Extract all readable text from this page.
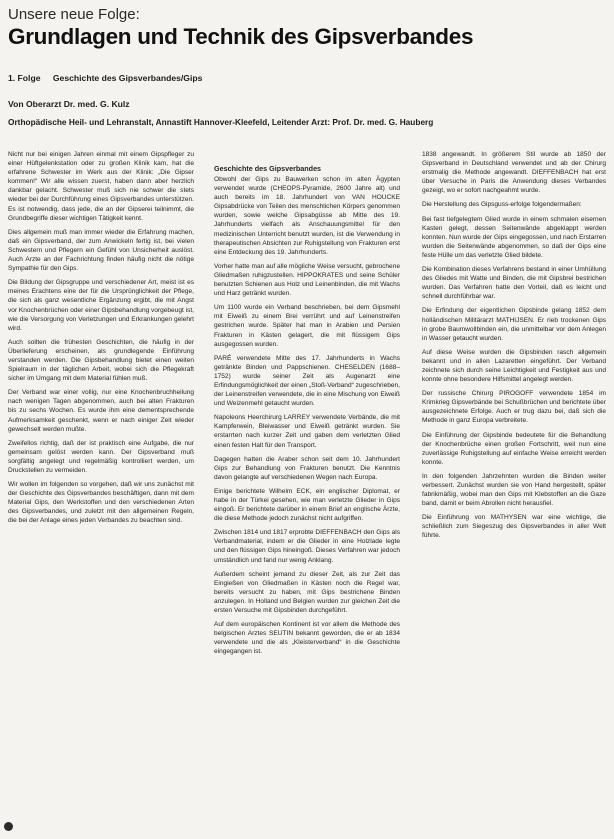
Unsere neue Folge:
Grundlagen und Technik des Gipsverbandes
1. Folge Geschichte des Gipsverbandes/Gips
Von Oberarzt Dr. med. G. Kulz
Orthopädische Heil- und Lehranstalt, Annastift Hannover-Kleefeld, Leitender Arzt: Prof. Dr. med. G. Hauberg

Nicht nur bei einigen Jahren einmal mit einem Gipspfleger zu einer Hüftgelenkstation oder zu großen Klinik kam, hat die erfahrene Schwester im Werk aus der Klinik: „Die Gipser kommen!“ Wir alle wissen zuerst, haben dann aber herzlich dankbar gelacht. Schwester muß sich nie schwer die stets wieder bei der Durchführung eines Gipsverbandes unterstützen. Es ist notwendig, dass jede, die an der Gipserei teilnimmt, die Grundbegriffe dieser wichtigen Tätigkeit kennt.

Dies allgemein muß man immer wieder die Erfahrung machen, daß ein Gipsverband, der zum Anwickeln fertig ist, bei vielen Schwestern und Pflegern ein Gefühl von Unsicherheit auslöst. Auch Arzte an der Fachrichtung finden häufig nicht die nötige Sympathie für den Gips.

Die Bildung der Gipsgruppe und verschiedener Art, meist ist es meines Erachtens eine der für die Ursprünglichkeit der Pflege, die sich als ganz wesentliche Ergänzung ergibt, die mit Angst vor Knochenbrüchen oder einer Gipsbehandlung vorgebeugt ist, wie die Versorgung von Verletzungen und Erkrankungen gelehrt wird.

Auch sollten die frühesten Geschichten, die häufig in der Überlieferung erscheinen, als grundlegende Einführung verstanden werden. Die Gipsbehandlung bietet einen weiten Spielraum in der täglichen Arbeit, wobei sich die Pflegekraft sicher im Umgang mit dem Material fühlen muß.

Der Verband war einer vollig, nur eine Knochenbruchheilung nach wenigen Tagen abgenommen, auch bei alten Frakturen bis zu sechs Wochen. Es wurde ihm eine dementsprechende Aufmerksamkeit geschenkt, wenn er nach einiger Zeit wieder gewechselt werden mußte.

Zweifellos richtig, daß der ist praktisch eine Aufgabe, die nur gemeinsam gelöst werden kann. Der Gipsverband muß sorgfältig angelegt und regelmäßig kontrolliert werden, um Druckstellen zu vermeiden.

Wir wollen im folgenden so vorgehen, daß wir uns zunächst mit der Geschichte des Gipsverbandes beschäftigen, dann mit dem Material Gips, den Werkstoffen und den verschiedenen Arten des Gipsverbandes, und zuletzt mit den allgemeinen Regeln, die bei der Anlage eines jeden Verbandes zu beachten sind.

Geschichte des Gipsverbandes

Obwohl der Gips zu Bauwerken schon im alten Ägypten verwendet wurde (CHEOPS-Pyramide, 2600 Jahre alt) und auch bereits im 18. Jahrhundert von VAN HOUCKE Gipsabdrücke von Teilen des menschlichen Körpers genommen wurden, sowie welche Gipsabgüsse ab Mitte des 19. Jahrhunderts vielfach als Anschauungsmittel für den medizinischen Unterricht benutzt wurden, ist die Verwendung in therapeutischen Absichten zur Ruhigstellung von Frakturen erst eine Entdeckung des 19. Jahrhunderts.

Vorher hatte man auf alle mögliche Weise versucht, gebrochene Gliedmaßen ruhigzustellen. HIPPOKRATES und seine Schüler benutzten Schienen aus Holz und Leinenbinden, die mit Wachs und Harz getränkt wurden.

Um 1100 wurde ein Verband beschrieben, bei dem Gipsmehl mit Eiweiß zu einem Brei verrührt und auf Leinenstreifen gestrichen wurde. Später hat man in Arabien und Persien Frakturen in Kästen gelagert, die mit flüssigem Gips ausgegossen wurden.

PARÉ verwendete Mitte des 17. Jahrhunderts in Wachs getränkte Binden und Pappschienen. CHESELDEN (1688–1752) wurde seiner Zeit als Augenarzt eine Erfindungsmöglichkeit der einen „Stoß-Verband“ zugeschrieben, der Leinenstreifen verwendete, die in eine Mischung von Eiweiß und Weizenmehl getaucht wurden.

Napoleons Heerchirurg LARREY verwendete Verbände, die mit Kampferwein, Bleiwasser und Eiweiß getränkt wurden. Sie erstarrten nach kurzer Zeit und gaben dem verletzten Glied einen festen Halt für den Transport.

Dagegen hatten die Araber schon seit dem 10. Jahrhundert Gips zur Behandlung von Frakturen benutzt. Die Kenntnis davon gelangte auf verschiedenen Wegen nach Europa.

Einige berichtete Wilhelm ECK, ein englischer Diplomat, er habe in der Türkei gesehen, wie man verletzte Glieder in Gips eingoß. Er berichtete darüber in einem Brief an englische Ärzte, die diese Methode jedoch zunächst nicht aufgriffen.

Zwischen 1814 und 1817 erprobte DIEFFENBACH den Gips als Verbandmaterial, indem er die Glieder in eine Holzlade legte und den flüssigen Gips hineingoß. Dieses Verfahren war jedoch umständlich und fand nur wenig Anklang.

Außerdem scheint jemand zu dieser Zeit, als zur Zeit das Eingießen von Gliedmaßen in Kästen noch die Regel war, bereits versucht zu haben, mit Gips bestrichene Binden anzulegen. In Holland und Belgien wurden zur gleichen Zeit die ersten Versuche mit Gipsbinden durchgeführt.

Auf dem europäischen Kontinent ist vor allem die Methode des belgischen Arztes SEUTIN bekannt geworden, die er ab 1834 verwendete und die als „Kleisterverband“ in die Geschichte eingegangen ist.

1838 angewandt. In größerem Stil wurde ab 1850 der Gipsverband in Deutschland verwendet und ab der Chirurg erstmalig die Methode angewandt. DIEFFENBACH hat erst über Versuche in Paris die Anwendung dieses Verbandes gezeigt, wo er sofort nachgeahmt wurde.

Die Herstellung des Gipsguss-erfolge folgendermaßen:

Bei fast tiefgelegtem Glied wurde in einem schmalen eisernen Kasten gelegt, dessen Seitenwände abgeklappt werden konnten. Nun wurde der Gips eingegossen, und nach Erstarren wurden die Seitenwände abgenommen, so daß der Gips eine feste Hülle um das verletzte Glied bildete.

Die Kombination dieses Verfahrens bestand in einer Umhüllung des Gliedes mit Watte und Binden, die mit Gipsbrei bestrichen wurden. Das Verfahren hatte den Vorteil, daß es leicht und schnell durchführbar war.

Die Erfindung der eigentlichen Gipsbinde gelang 1852 dem holländischen Militärarzt MATHIJSEN. Er rieb trockenen Gips in grobe Baumwollbinden ein, die unmittelbar vor dem Anlegen in Wasser getaucht wurden.

Auf diese Weise wurden die Gipsbinden rasch allgemein bekannt und in allen Lazaretten eingeführt. Der Verband zeichnete sich durch seine Leichtigkeit und Festigkeit aus und konnte ohne besondere Hilfsmittel angelegt werden.

Der russische Chirurg PIROGOFF verwendete 1854 im Krimkrieg Gipsverbände bei Schußbrüchen und berichtete über ausgezeichnete Erfolge. Auch er trug dazu bei, daß sich die Methode in ganz Europa verbreitete.

Die Einführung der Gipsbinde bedeutete für die Behandlung der Knochenbrüche einen großen Fortschritt, weil nun eine zuverlässige Ruhigstellung auf einfache Weise erreicht werden konnte.

In den folgenden Jahrzehnten wurden die Binden weiter verbessert. Zunächst wurden sie von Hand hergestellt, später fabrikmäßig, wobei man den Gips mit Klebstoffen an die Gaze band, damit er beim Abrollen nicht herausfiel.

Die Einführung von MATHYSEN war eine wichtige, die schließlich zum Siegeszug des Gipsverbandes in aller Welt führte.
